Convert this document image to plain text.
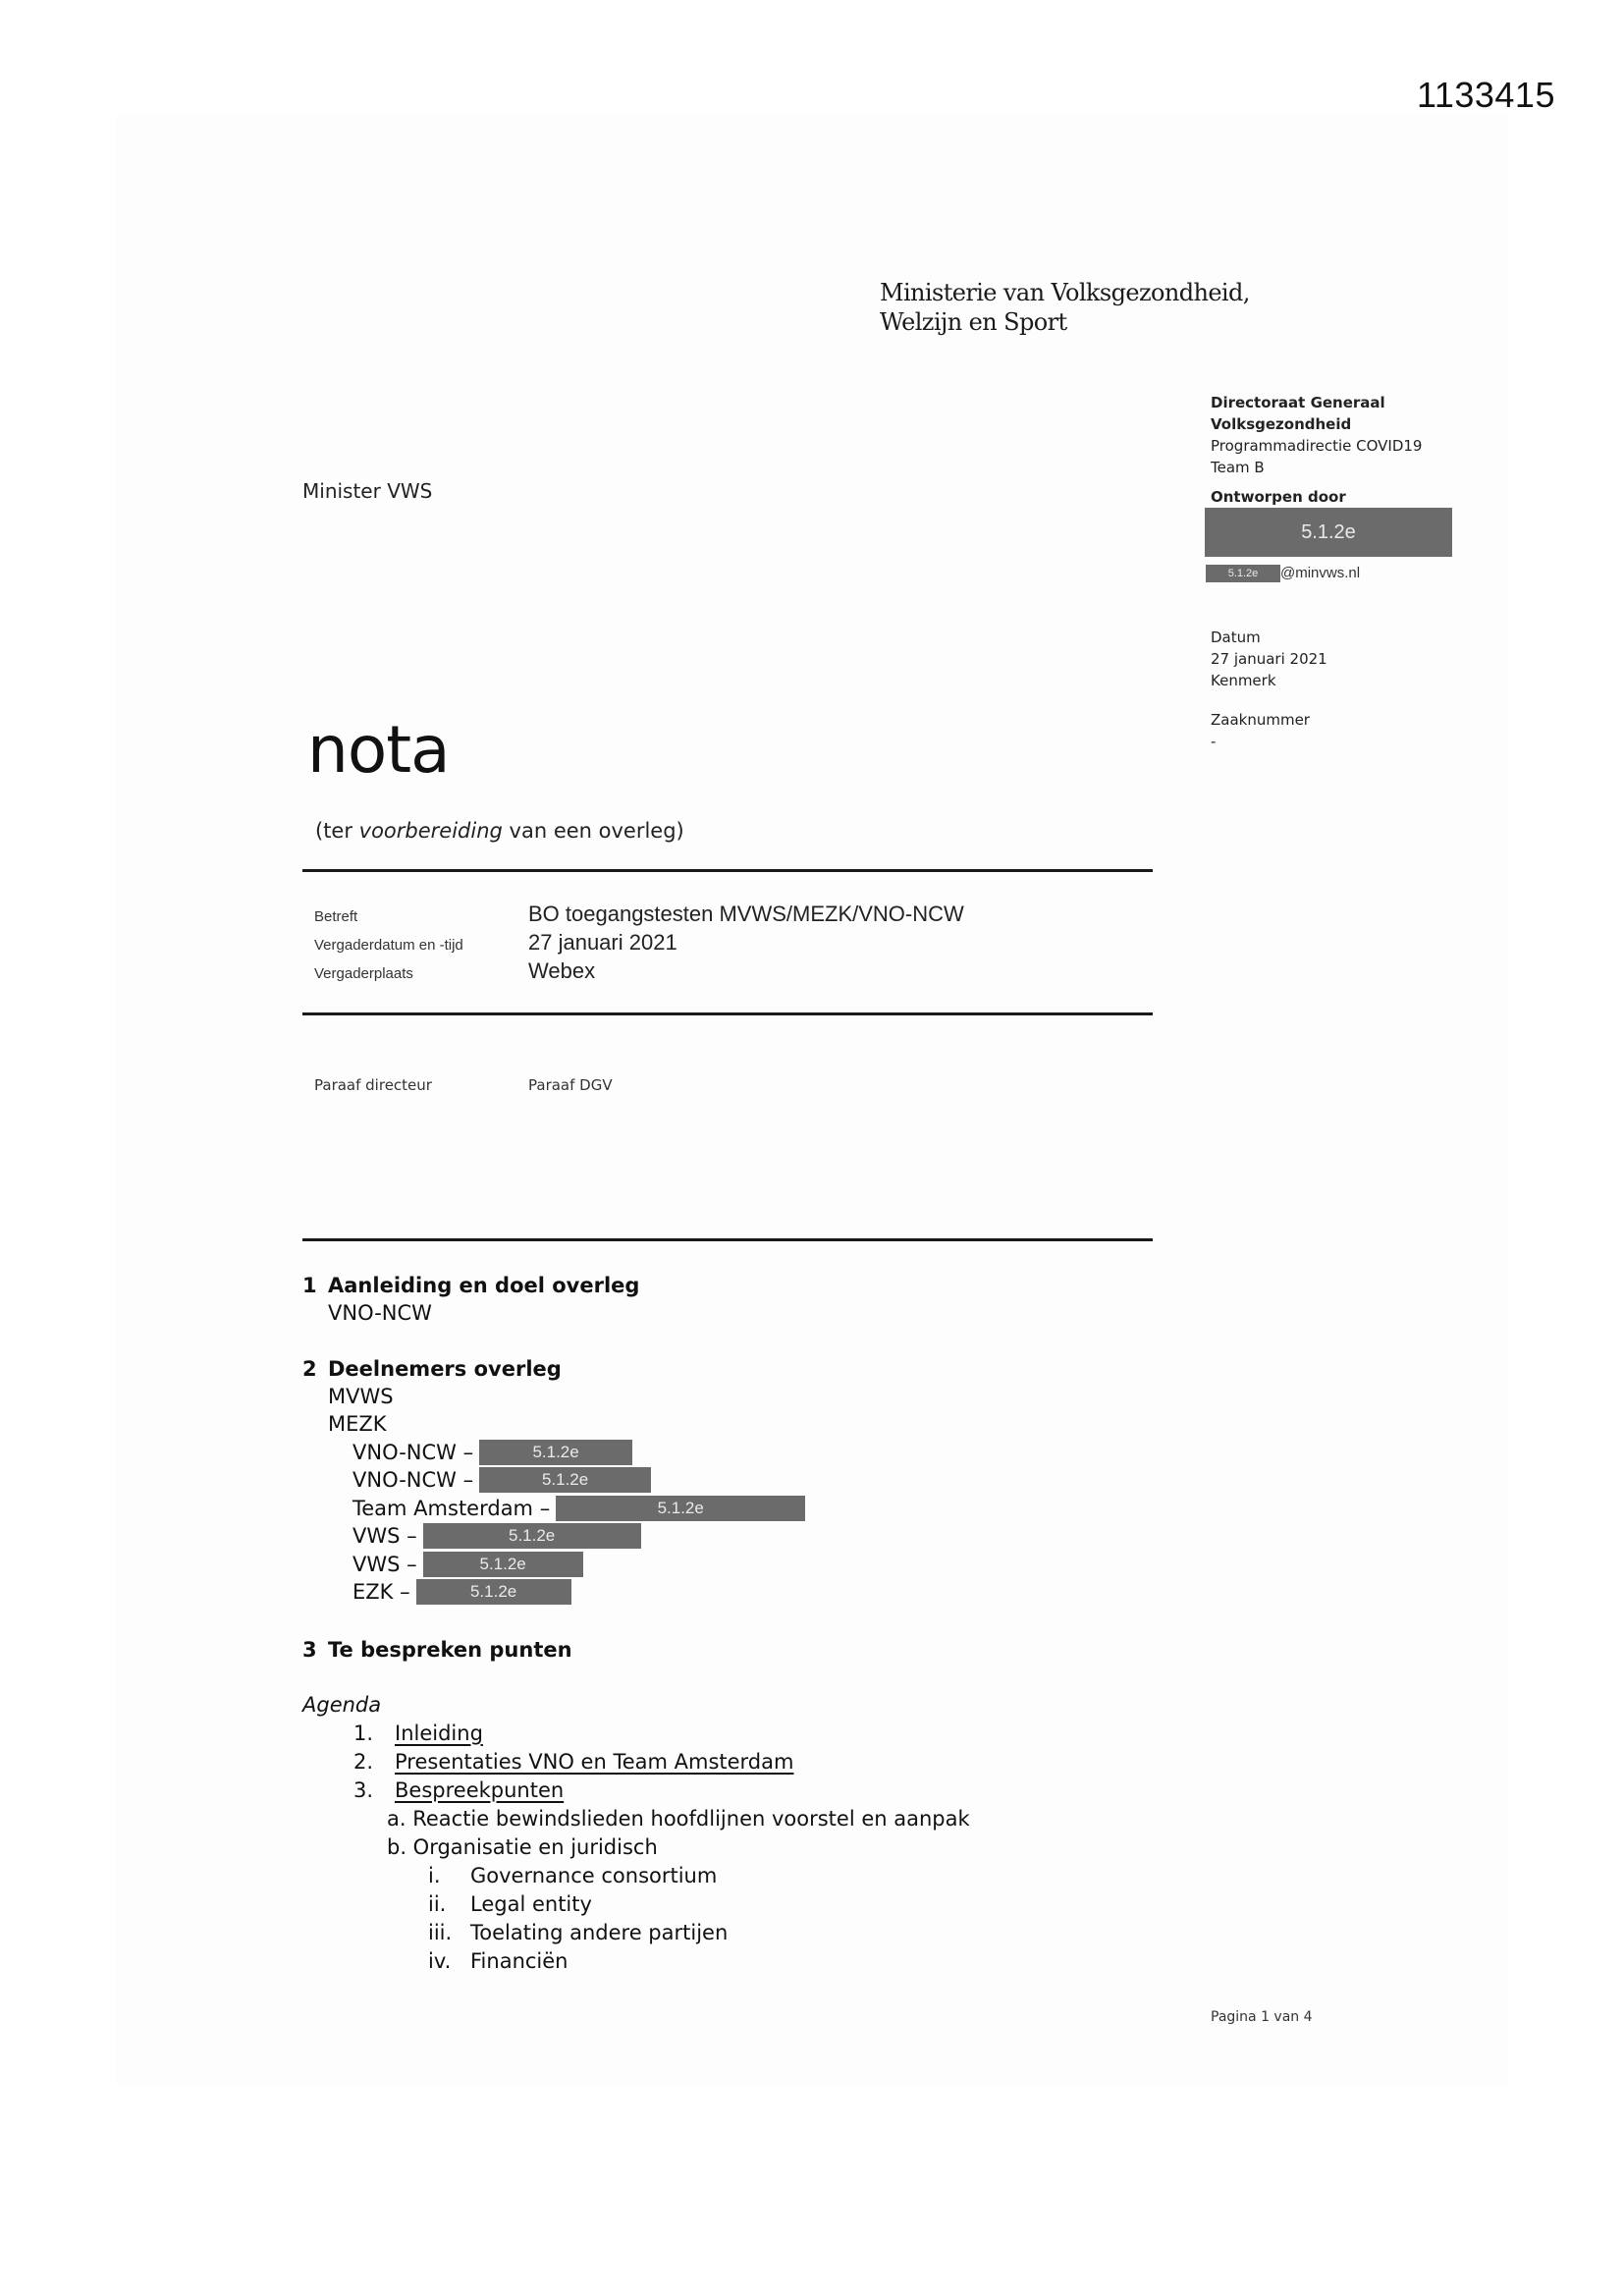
1133415
Ministerie van Volksgezondheid,
Welzijn en Sport
Directoraat Generaal
Volksgezondheid
Programmadirectie COVID19
Team B
Ontworpen door
5.1.2e
5.1.2e @minvws.nl
Datum
27 januari 2021
Kenmerk
Zaaknummer
-
Minister VWS
nota
(ter voorbereiding van een overleg)
Betreft	BO toegangstesten MVWS/MEZK/VNO-NCW
Vergaderdatum en -tijd	27 januari 2021
Vergaderplaats	Webex
Paraaf directeur	Paraaf DGV
1 Aanleiding en doel overleg
VNO-NCW
2 Deelnemers overleg
MVWS
MEZK
VNO-NCW –	5.1.2e
VNO-NCW –	5.1.2e
Team Amsterdam –	5.1.2e
VWS –	5.1.2e
VWS –	5.1.2e
EZK –	5.1.2e
3 Te bespreken punten
Agenda
1. Inleiding
2. Presentaties VNO en Team Amsterdam
3. Bespreekpunten
a. Reactie bewindslieden hoofdlijnen voorstel en aanpak
b. Organisatie en juridisch
i. Governance consortium
ii. Legal entity
iii. Toelating andere partijen
iv. Financiën
Pagina 1 van 4
